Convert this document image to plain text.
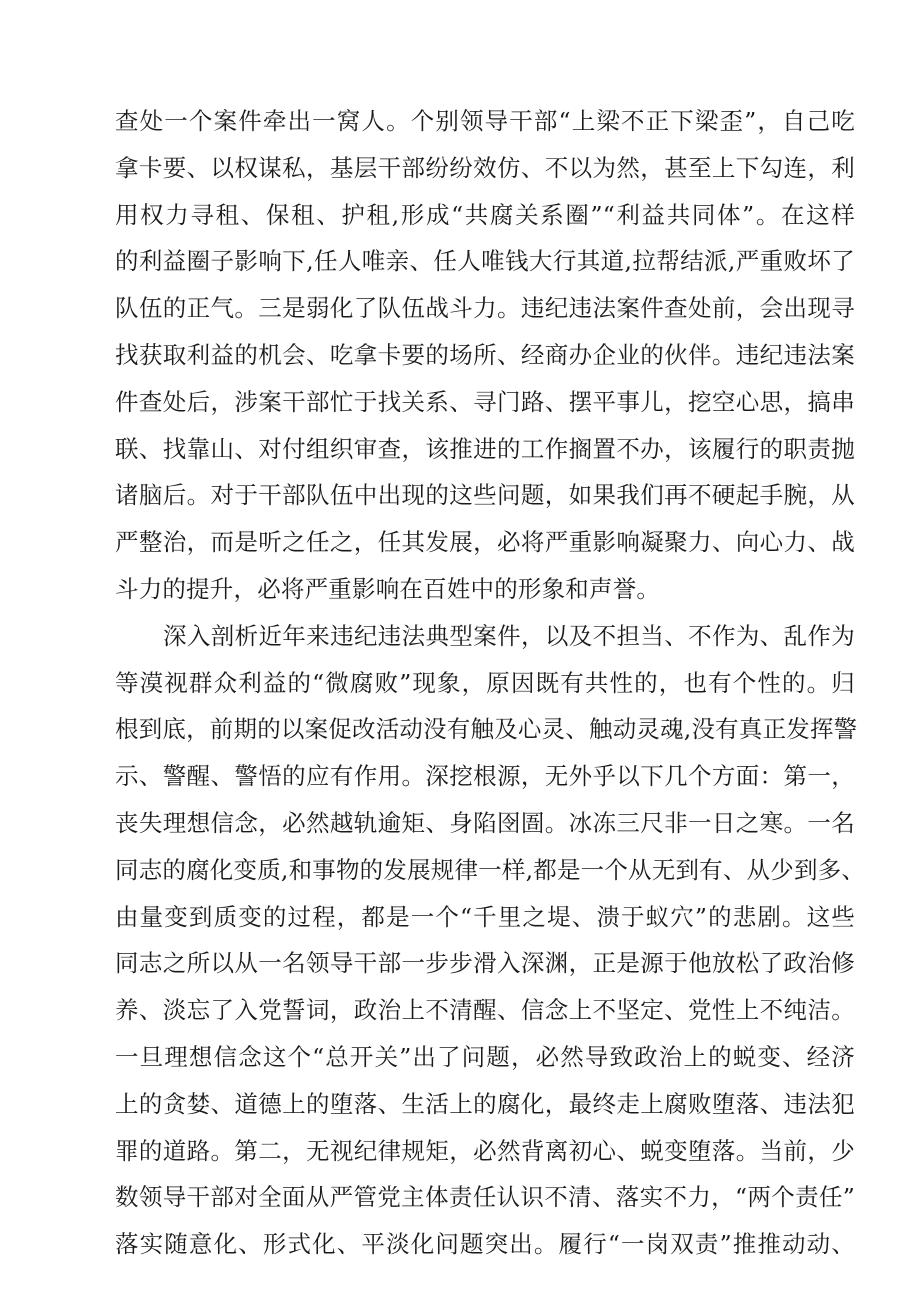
查处一个案件牵出一窝人。个别领导干部“上梁不正下梁歪”，自己吃
拿卡要、以权谋私，基层干部纷纷效仿、不以为然，甚至上下勾连，利
用权力寻租、保租、护租,形成“共腐关系圈”“利益共同体”。在这样
的利益圈子影响下,任人唯亲、任人唯钱大行其道,拉帮结派,严重败坏了
队伍的正气。三是弱化了队伍战斗力。违纪违法案件查处前，会出现寻
找获取利益的机会、吃拿卡要的场所、经商办企业的伙伴。违纪违法案
件查处后，涉案干部忙于找关系、寻门路、摆平事儿，挖空心思，搞串
联、找靠山、对付组织审查，该推进的工作搁置不办，该履行的职责抛
诸脑后。对于干部队伍中出现的这些问题，如果我们再不硬起手腕，从
严整治，而是听之任之，任其发展，必将严重影响凝聚力、向心力、战
斗力的提升，必将严重影响在百姓中的形象和声誉。
深入剖析近年来违纪违法典型案件，以及不担当、不作为、乱作为
等漠视群众利益的“微腐败”现象，原因既有共性的，也有个性的。归
根到底，前期的以案促改活动没有触及心灵、触动灵魂,没有真正发挥警
示、警醒、警悟的应有作用。深挖根源，无外乎以下几个方面：第一，
丧失理想信念，必然越轨逾矩、身陷囹圄。冰冻三尺非一日之寒。一名
同志的腐化变质,和事物的发展规律一样,都是一个从无到有、从少到多、
由量变到质变的过程，都是一个“千里之堤、溃于蚁穴”的悲剧。这些
同志之所以从一名领导干部一步步滑入深渊，正是源于他放松了政治修
养、淡忘了入党誓词，政治上不清醒、信念上不坚定、党性上不纯洁。
一旦理想信念这个“总开关”出了问题，必然导致政治上的蜕变、经济
上的贪婪、道德上的堕落、生活上的腐化，最终走上腐败堕落、违法犯
罪的道路。第二，无视纪律规矩，必然背离初心、蜕变堕落。当前，少
数领导干部对全面从严管党主体责任认识不清、落实不力，“两个责任”
落实随意化、形式化、平淡化问题突出。履行“一岗双责”推推动动、
